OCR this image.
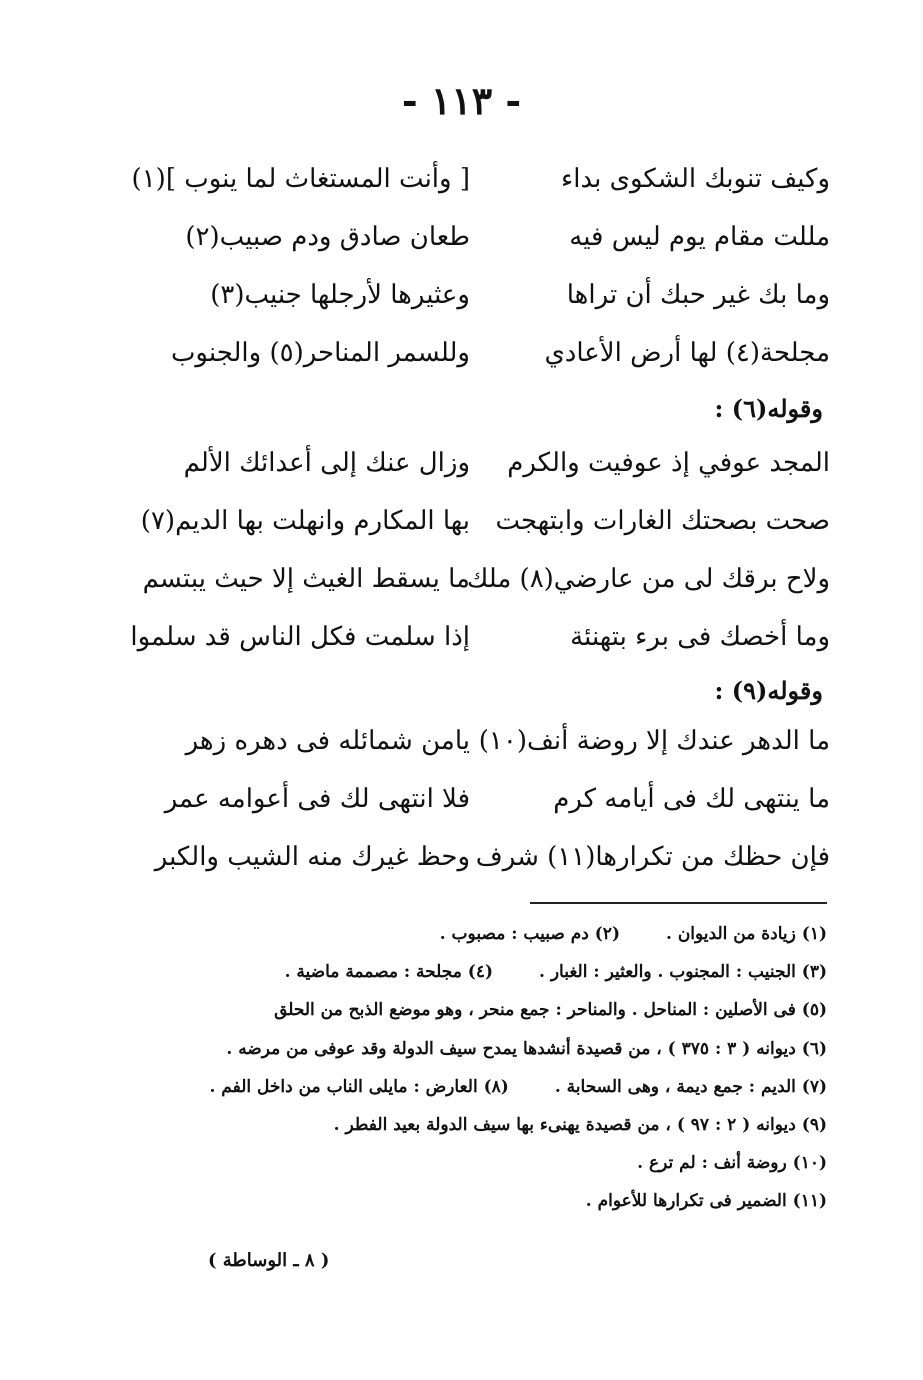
- ١١٣ -
وكيف تنوبك الشكوى بداء
[ وأنت المستغاث لما ينوب ](١)
مللت مقام يوم ليس فيه
طعان صادق ودم صبيب(٢)
وما بك غير حبك أن تراها
وعثيرها لأرجلها جنيب(٣)
مجلحة(٤) لها أرض الأعادي
وللسمر المناحر(٥) والجنوب
وقوله(٦) :
المجد عوفي إذ عوفيت والكرم
وزال عنك إلى أعدائك الألم
صحت بصحتك الغارات وابتهجت
بها المكارم وانهلت بها الديم(٧)
ولاح برقك لى من عارضي(٨) ملك
ما يسقط الغيث إلا حيث يبتسم
وما أخصك فى برء بتهنئة
إذا سلمت فكل الناس قد سلموا
وقوله(٩) :
ما الدهر عندك إلا روضة أنف(١٠)
يامن شمائله فى دهره زهر
ما ينتهى لك فى أيامه كرم
فلا انتهى لك فى أعوامه عمر
فإن حظك من تكرارها(١١) شرف
وحظ غيرك منه الشيب والكبر
(١) زيادة من الديوان .(٢) دم صبيب : مصبوب .
(٣) الجنيب : المجنوب . والعثير : الغبار .(٤) مجلحة : مصممة ماضية .
(٥) فى الأصلين : المناحل . والمناحر : جمع منحر ، وهو موضع الذبح من الحلق
(٦) ديوانه ( ٣ : ٣٧٥ ) ، من قصيدة أنشدها يمدح سيف الدولة وقد عوفى من مرضه .
(٧) الديم : جمع ديمة ، وهى السحابة .(٨) العارض : مايلى الناب من داخل الفم .
(٩) ديوانه ( ٢ : ٩٧ ) ، من قصيدة يهنىء بها سيف الدولة بعيد الفطر .
(١٠) روضة أنف : لم ترع .
(١١) الضمير فى تكرارها للأعوام .
( ٨ ـ الوساطة )
